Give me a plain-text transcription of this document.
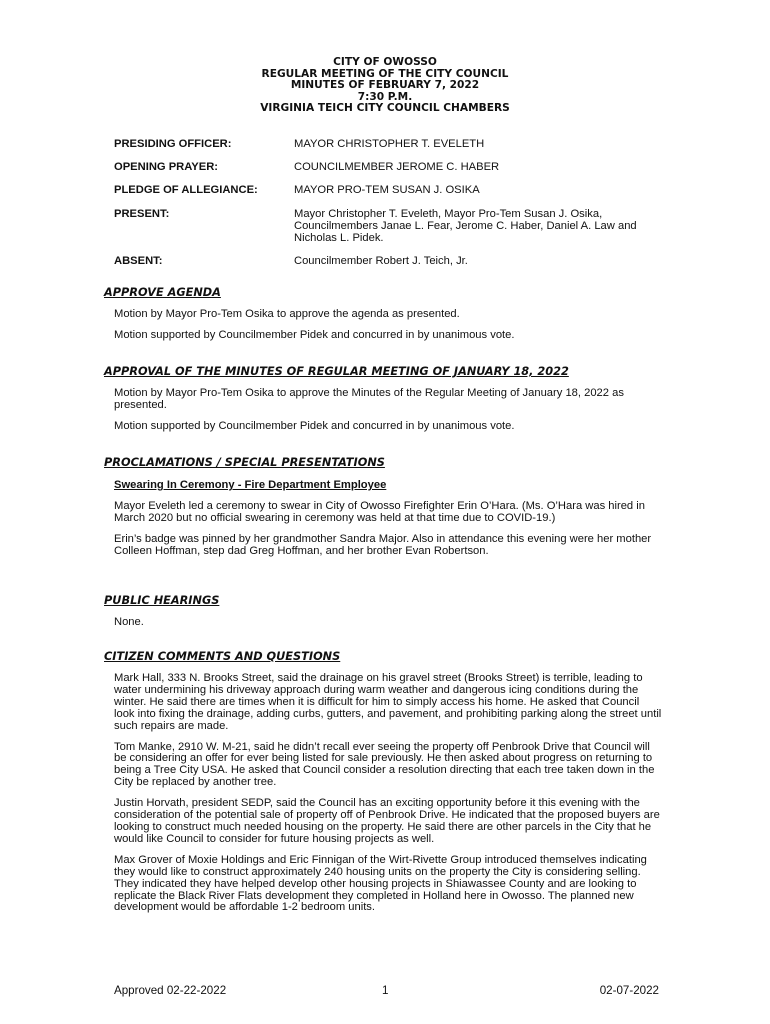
CITY OF OWOSSO
REGULAR MEETING OF THE CITY COUNCIL
MINUTES OF FEBRUARY 7, 2022
7:30 P.M.
VIRGINIA TEICH CITY COUNCIL CHAMBERS
PRESIDING OFFICER:	MAYOR CHRISTOPHER T. EVELETH
OPENING PRAYER:	COUNCILMEMBER JEROME C. HABER
PLEDGE OF ALLEGIANCE:	MAYOR PRO-TEM SUSAN J. OSIKA
PRESENT:	Mayor Christopher T. Eveleth, Mayor Pro-Tem Susan J. Osika, Councilmembers Janae L. Fear, Jerome C. Haber, Daniel A. Law and Nicholas L. Pidek.
ABSENT:	Councilmember Robert J. Teich, Jr.
APPROVE AGENDA
Motion by Mayor Pro-Tem Osika to approve the agenda as presented.
Motion supported by Councilmember Pidek and concurred in by unanimous vote.
APPROVAL OF THE MINUTES OF REGULAR MEETING OF JANUARY 18, 2022
Motion by Mayor Pro-Tem Osika to approve the Minutes of the Regular Meeting of January 18, 2022 as presented.
Motion supported by Councilmember Pidek and concurred in by unanimous vote.
PROCLAMATIONS / SPECIAL PRESENTATIONS
Swearing In Ceremony - Fire Department Employee
Mayor Eveleth led a ceremony to swear in City of Owosso Firefighter Erin O’Hara. (Ms. O’Hara was hired in March 2020 but no official swearing in ceremony was held at that time due to COVID-19.)
Erin’s badge was pinned by her grandmother Sandra Major. Also in attendance this evening were her mother Colleen Hoffman, step dad Greg Hoffman, and her brother Evan Robertson.
PUBLIC HEARINGS
None.
CITIZEN COMMENTS AND QUESTIONS
Mark Hall, 333 N. Brooks Street, said the drainage on his gravel street (Brooks Street) is terrible, leading to water undermining his driveway approach during warm weather and dangerous icing conditions during the winter. He said there are times when it is difficult for him to simply access his home. He asked that Council look into fixing the drainage, adding curbs, gutters, and pavement, and prohibiting parking along the street until such repairs are made.
Tom Manke, 2910 W. M-21, said he didn’t recall ever seeing the property off Penbrook Drive that Council will be considering an offer for ever being listed for sale previously. He then asked about progress on returning to being a Tree City USA. He asked that Council consider a resolution directing that each tree taken down in the City be replaced by another tree.
Justin Horvath, president SEDP, said the Council has an exciting opportunity before it this evening with the consideration of the potential sale of property off of Penbrook Drive. He indicated that the proposed buyers are looking to construct much needed housing on the property. He said there are other parcels in the City that he would like Council to consider for future housing projects as well.
Max Grover of Moxie Holdings and Eric Finnigan of the Wirt-Rivette Group introduced themselves indicating they would like to construct approximately 240 housing units on the property the City is considering selling. They indicated they have helped develop other housing projects in Shiawassee County and are looking to replicate the Black River Flats development they completed in Holland here in Owosso. The planned new development would be affordable 1-2 bedroom units.
Approved 02-22-2022	1	02-07-2022
